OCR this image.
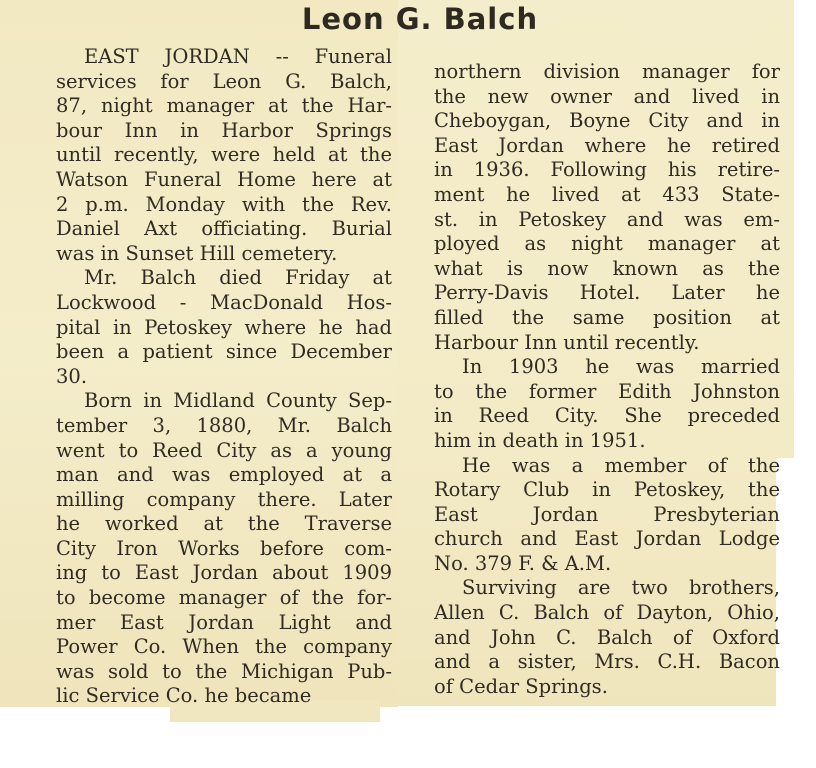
Leon G. Balch
EAST JORDAN -- Funeral
services for Leon G. Balch,
87, night manager at the Har-
bour Inn in Harbor Springs
until recently, were held at the
Watson Funeral Home here at
2 p.m. Monday with the Rev.
Daniel Axt officiating. Burial
was in Sunset Hill cemetery.
Mr. Balch died Friday at
Lockwood - MacDonald Hos-
pital in Petoskey where he had
been a patient since December
30.
Born in Midland County Sep-
tember 3, 1880, Mr. Balch
went to Reed City as a young
man and was employed at a
milling company there. Later
he worked at the Traverse
City Iron Works before com-
ing to East Jordan about 1909
to become manager of the for-
mer East Jordan Light and
Power Co. When the company
was sold to the Michigan Pub-
lic Service Co. he became
northern division manager for
the new owner and lived in
Cheboygan, Boyne City and in
East Jordan where he retired
in 1936. Following his retire-
ment he lived at 433 State-
st. in Petoskey and was em-
ployed as night manager at
what is now known as the
Perry-Davis Hotel. Later he
filled the same position at
Harbour Inn until recently.
In 1903 he was married
to the former Edith Johnston
in Reed City. She preceded
him in death in 1951.
He was a member of the
Rotary Club in Petoskey, the
East Jordan Presbyterian
church and East Jordan Lodge
No. 379 F. & A.M.
Surviving are two brothers,
Allen C. Balch of Dayton, Ohio,
and John C. Balch of Oxford
and a sister, Mrs. C.H. Bacon
of Cedar Springs.
